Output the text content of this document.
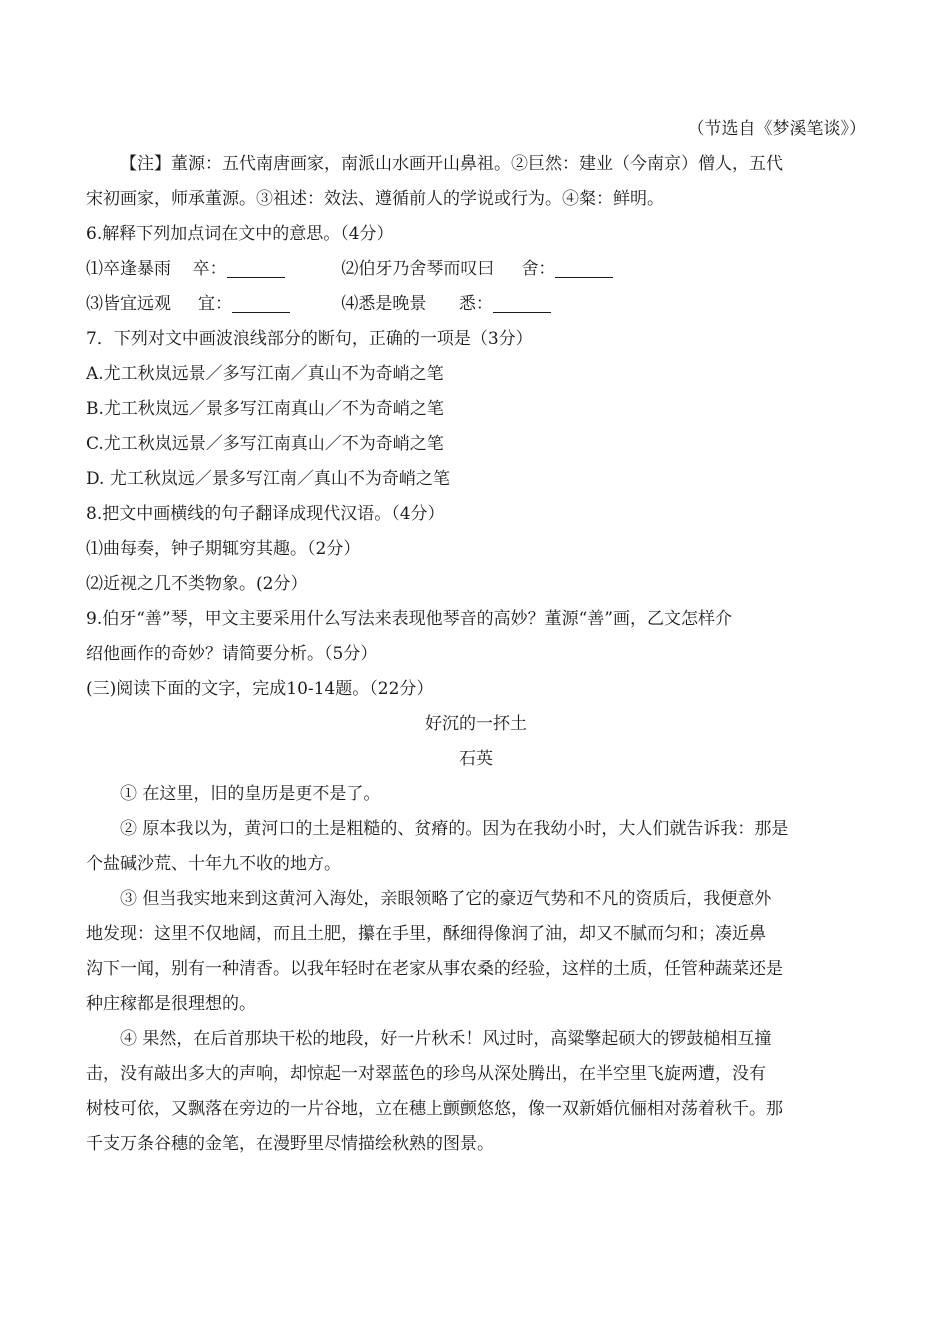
（节选自《梦溪笔谈》）
【注】董源：五代南唐画家，南派山水画开山鼻祖。②巨然：建业（今南京）僧人，五代
宋初画家，师承董源。③祖述：效法、遵循前人的学说或行为。④粲：鲜明。
6.解释下列加点词在文中的意思。（4分）
⑴卒逢暴雨 卒：	⑵伯牙乃舍琴而叹曰 舍：
⑶皆宜远观 宜：	⑷悉是晚景 悉：
7．下列对文中画波浪线部分的断句，正确的一项是（3分）
A.尤工秋岚远景／多写江南／真山不为奇峭之笔
B.尤工秋岚远／景多写江南真山／不为奇峭之笔
C.尤工秋岚远景／多写江南真山／不为奇峭之笔
D. 尤工秋岚远／景多写江南／真山不为奇峭之笔
8.把文中画横线的句子翻译成现代汉语。（4分）
⑴曲每奏，钟子期辄穷其趣。（2分）
⑵近视之几不类物象。(2分）
9.伯牙“善”琴，甲文主要采用什么写法来表现他琴音的高妙？董源“善”画，乙文怎样介
绍他画作的奇妙？请简要分析。（5分）
(三)阅读下面的文字，完成10-14题。（22分）
好沉的一抔土
石英
① 在这里，旧的皇历是更不是了。
② 原本我以为，黄河口的土是粗糙的、贫瘠的。因为在我幼小时，大人们就告诉我：那是
个盐碱沙荒、十年九不收的地方。
③ 但当我实地来到这黄河入海处，亲眼领略了它的豪迈气势和不凡的资质后，我便意外
地发现：这里不仅地阔，而且土肥，攥在手里，酥细得像润了油，却又不腻而匀和；凑近鼻
沟下一闻，别有一种清香。以我年轻时在老家从事农桑的经验，这样的土质，任管种蔬菜还是
种庄稼都是很理想的。
④ 果然，在后首那块干松的地段，好一片秋禾！风过时，高粱擎起硕大的锣鼓槌相互撞
击，没有敲出多大的声响，却惊起一对翠蓝色的珍鸟从深处腾出，在半空里飞旋两遭，没有
树枝可依，又飘落在旁边的一片谷地，立在穗上颤颤悠悠，像一双新婚伉俪相对荡着秋千。那
千支万条谷穗的金笔，在漫野里尽情描绘秋熟的图景。
